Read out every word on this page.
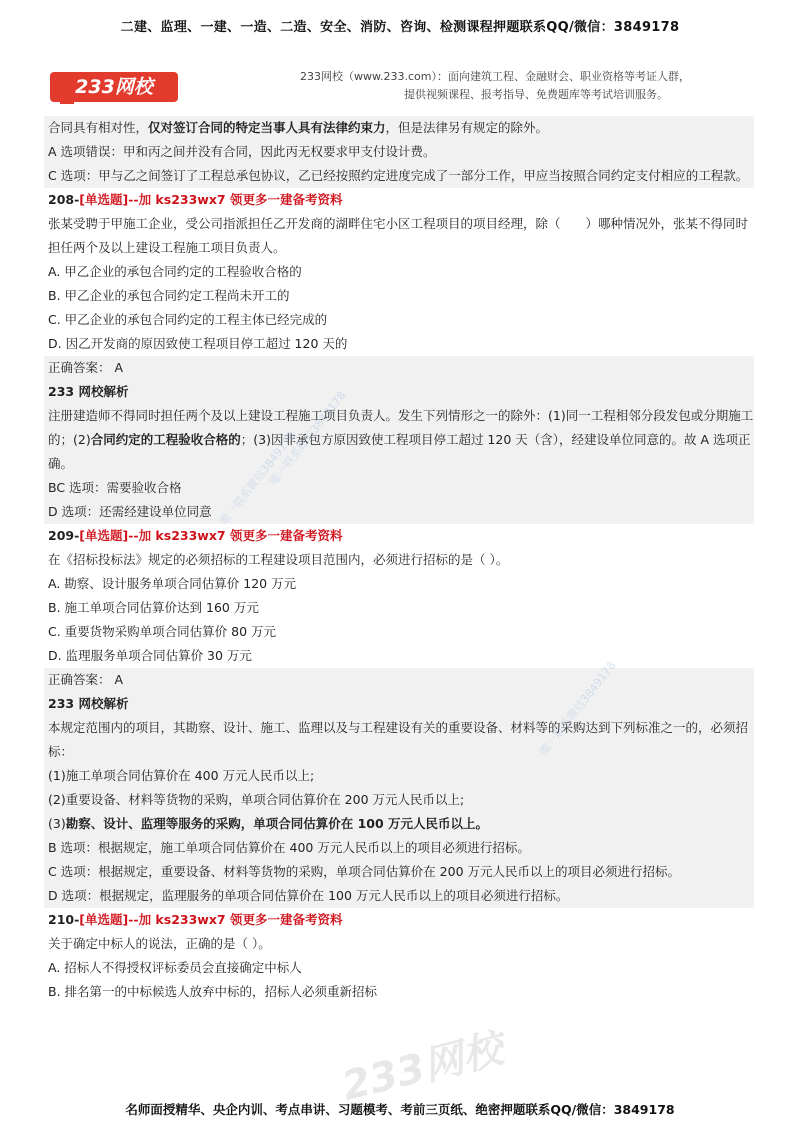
二建、监理、一建、一造、二造、安全、消防、咨询、检测课程押题联系QQ/微信：3849178
233网校	233网校（www.233.com）：面向建筑工程、金融财会、职业资格等考证人群，
提供视频课程、报考指导、免费题库等考试培训服务。

合同具有相对性，仅对签订合同的特定当事人具有法律约束力，但是法律另有规定的除外。

A 选项错误：甲和丙之间并没有合同，因此丙无权要求甲支付设计费。

C 选项：甲与乙之间签订了工程总承包协议，乙已经按照约定进度完成了一部分工作，甲应当按照合同约定支付相应的工程款。

208-[单选题]--加 ks233wx7 领更多一建备考资料

张某受聘于甲施工企业，受公司指派担任乙开发商的湖畔住宅小区工程项目的项目经理，除（　　）哪种情况外，张某不得同时担任两个及以上建设工程施工项目负责人。

A. 甲乙企业的承包合同约定的工程验收合格的

B. 甲乙企业的承包合同约定工程尚未开工的

C. 甲乙企业的承包合同约定的工程主体已经完成的

D. 因乙开发商的原因致使工程项目停工超过 120 天的

正确答案： A

233 网校解析

注册建造师不得同时担任两个及以上建设工程施工项目负责人。发生下列情形之一的除外：(1)同一工程相邻分段发包或分期施工的；(2)合同约定的工程验收合格的；(3)因非承包方原因致使工程项目停工超过 120 天（含），经建设单位同意的。故 A 选项正确。

BC 选项：需要验收合格

D 选项：还需经建设单位同意

209-[单选题]--加 ks233wx7 领更多一建备考资料

在《招标投标法》规定的必须招标的工程建设项目范围内，必须进行招标的是（ ）。

A. 勘察、设计服务单项合同估算价 120 万元

B. 施工单项合同估算价达到 160 万元

C. 重要货物采购单项合同估算价 80 万元

D. 监理服务单项合同估算价 30 万元

正确答案： A

233 网校解析

本规定范围内的项目，其勘察、设计、施工、监理以及与工程建设有关的重要设备、材料等的采购达到下列标准之一的，必须招标：

(1)施工单项合同估算价在 400 万元人民币以上;

(2)重要设备、材料等货物的采购，单项合同估算价在 200 万元人民币以上;

(3)勘察、设计、监理等服务的采购，单项合同估算价在 100 万元人民币以上。

B 选项：根据规定，施工单项合同估算价在 400 万元人民币以上的项目必须进行招标。

C 选项：根据规定，重要设备、材料等货物的采购，单项合同估算价在 200 万元人民币以上的项目必须进行招标。

D 选项：根据规定，监理服务的单项合同估算价在 100 万元人民币以上的项目必须进行招标。

210-[单选题]--加 ks233wx7 领更多一建备考资料

关于确定中标人的说法，正确的是（ ）。

A. 招标人不得授权评标委员会直接确定中标人

B. 排名第一的中标候选人放弃中标的，招标人必须重新招标

唯一联系微信3849178
唯一联系微信3849178
唯一联系微信3849178
233网校
名师面授精华、央企内训、考点串讲、习题模考、考前三页纸、绝密押题联系QQ/微信：3849178
